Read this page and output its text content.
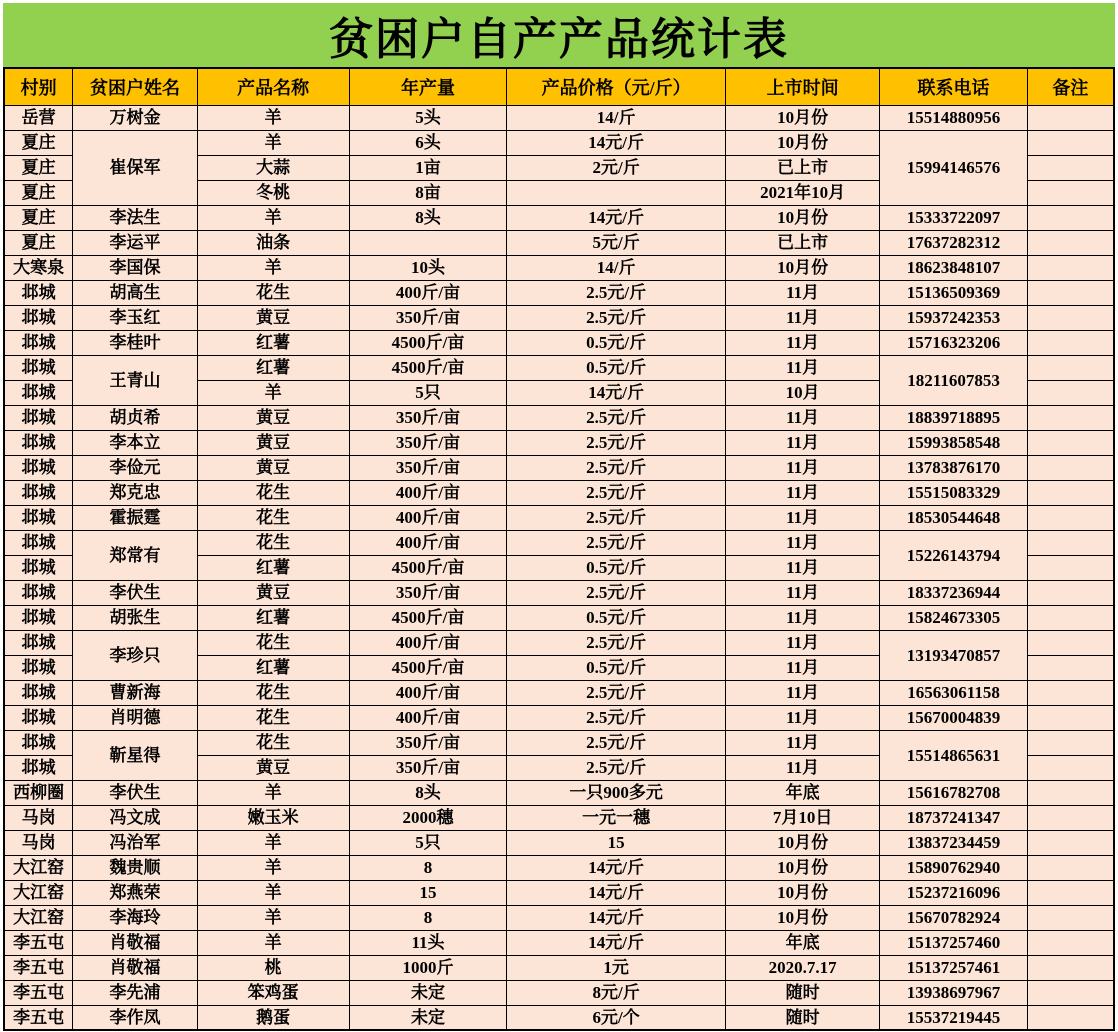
贫困户自产产品统计表
村别	贫困户姓名	产品名称	年产量	产品价格（元/斤）	上市时间	联系电话	备注
岳营	万树金	羊	5头	14/斤	10月份	15514880956	
夏庄	崔保军	羊	6头	14元/斤	10月份	15994146576	
夏庄		大蒜	1亩	2元/斤	已上市		
夏庄		冬桃	8亩		2021年10月		
夏庄	李法生	羊	8头	14元/斤	10月份	15333722097	
夏庄	李运平	油条		5元/斤	已上市	17637282312	
大寒泉	李国保	羊	10头	14/斤	10月份	18623848107	
邶城	胡高生	花生	400斤/亩	2.5元/斤	11月	15136509369	
邶城	李玉红	黄豆	350斤/亩	2.5元/斤	11月	15937242353	
邶城	李桂叶	红薯	4500斤/亩	0.5元/斤	11月	15716323206	
邶城	王青山	红薯	4500斤/亩	0.5元/斤	11月	18211607853	
邶城		羊	5只	14元/斤	10月		
邶城	胡贞希	黄豆	350斤/亩	2.5元/斤	11月	18839718895	
邶城	李本立	黄豆	350斤/亩	2.5元/斤	11月	15993858548	
邶城	李俭元	黄豆	350斤/亩	2.5元/斤	11月	13783876170	
邶城	郑克忠	花生	400斤/亩	2.5元/斤	11月	15515083329	
邶城	霍振霆	花生	400斤/亩	2.5元/斤	11月	18530544648	
邶城	郑常有	花生	400斤/亩	2.5元/斤	11月	15226143794	
邶城		红薯	4500斤/亩	0.5元/斤	11月		
邶城	李伏生	黄豆	350斤/亩	2.5元/斤	11月	18337236944	
邶城	胡张生	红薯	4500斤/亩	0.5元/斤	11月	15824673305	
邶城	李珍只	花生	400斤/亩	2.5元/斤	11月	13193470857	
邶城		红薯	4500斤/亩	0.5元/斤	11月		
邶城	曹新海	花生	400斤/亩	2.5元/斤	11月	16563061158	
邶城	肖明德	花生	400斤/亩	2.5元/斤	11月	15670004839	
邶城	靳星得	花生	350斤/亩	2.5元/斤	11月	15514865631	
邶城		黄豆	350斤/亩	2.5元/斤	11月		
西柳圈	李伏生	羊	8头	一只900多元	年底	15616782708	
马岗	冯文成	嫩玉米	2000穗	一元一穗	7月10日	18737241347	
马岗	冯治军	羊	5只	15	10月份	13837234459	
大江窑	魏贵顺	羊	8	14元/斤	10月份	15890762940	
大江窑	郑燕荣	羊	15	14元/斤	10月份	15237216096	
大江窑	李海玲	羊	8	14元/斤	10月份	15670782924	
李五屯	肖敬福	羊	11头	14元/斤	年底	15137257460	
李五屯	肖敬福	桃	1000斤	1元	2020.7.17	15137257461	
李五屯	李先浦	笨鸡蛋	未定	8元/斤	随时	13938697967	
李五屯	李作凤	鹅蛋	未定	6元/个	随时	15537219445	
